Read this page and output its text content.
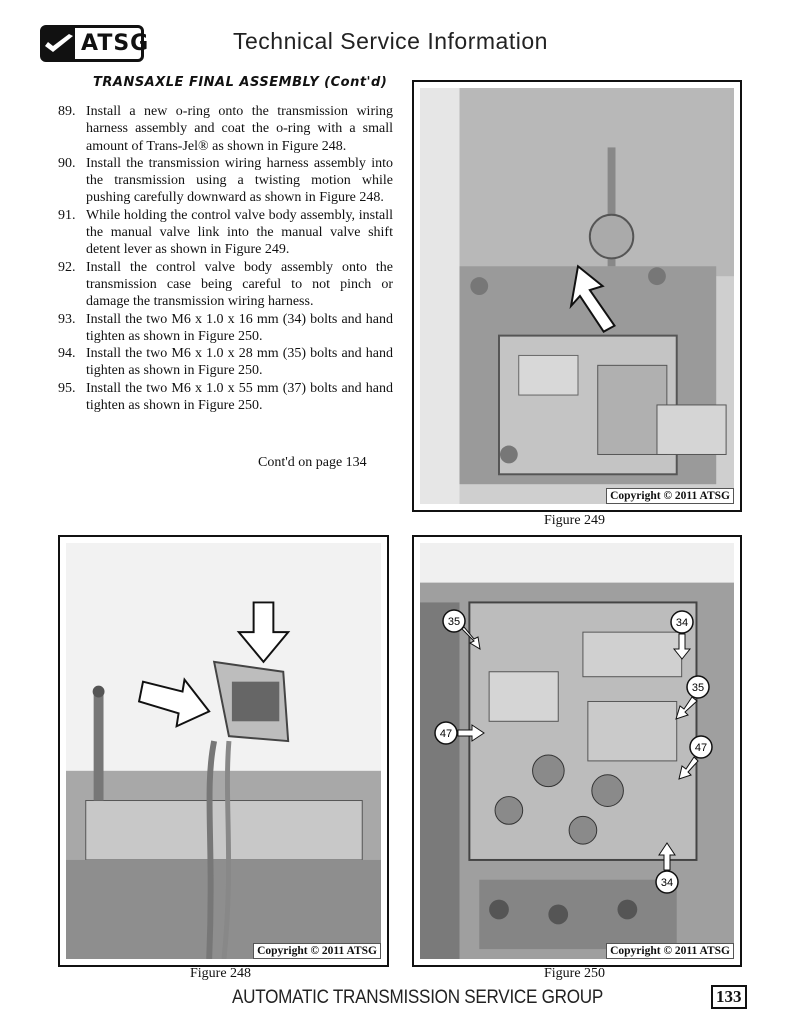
ATSG	Technical Service Information
TRANSAXLE FINAL ASSEMBLY (Cont'd)
89. Install a new o-ring onto the transmission wiring harness assembly and coat the o-ring with a small amount of Trans-Jel® as shown in Figure 248.
90. Install the transmission wiring harness assembly into the transmission using a twisting motion while pushing carefully downward as shown in Figure 248.
91. While holding the control valve body assembly, install the manual valve link into the manual valve shift detent lever as shown in Figure 249.
92. Install the control valve body assembly onto the transmission case being careful to not pinch or damage the transmission wiring harness.
93. Install the two M6 x 1.0 x 16 mm (34) bolts and hand tighten as shown in Figure 250.
94. Install the two M6 x 1.0 x 28 mm (35) bolts and hand tighten as shown in Figure 250.
95. Install the two M6 x 1.0 x 55 mm (37) bolts and hand tighten as shown in Figure 250.
Cont'd on page 134
Copyright © 2011 ATSG
Figure 249
Copyright © 2011 ATSG
Figure 248
35	34
35
47
47
34
Copyright © 2011 ATSG
Figure 250
AUTOMATIC TRANSMISSION SERVICE GROUP	133
